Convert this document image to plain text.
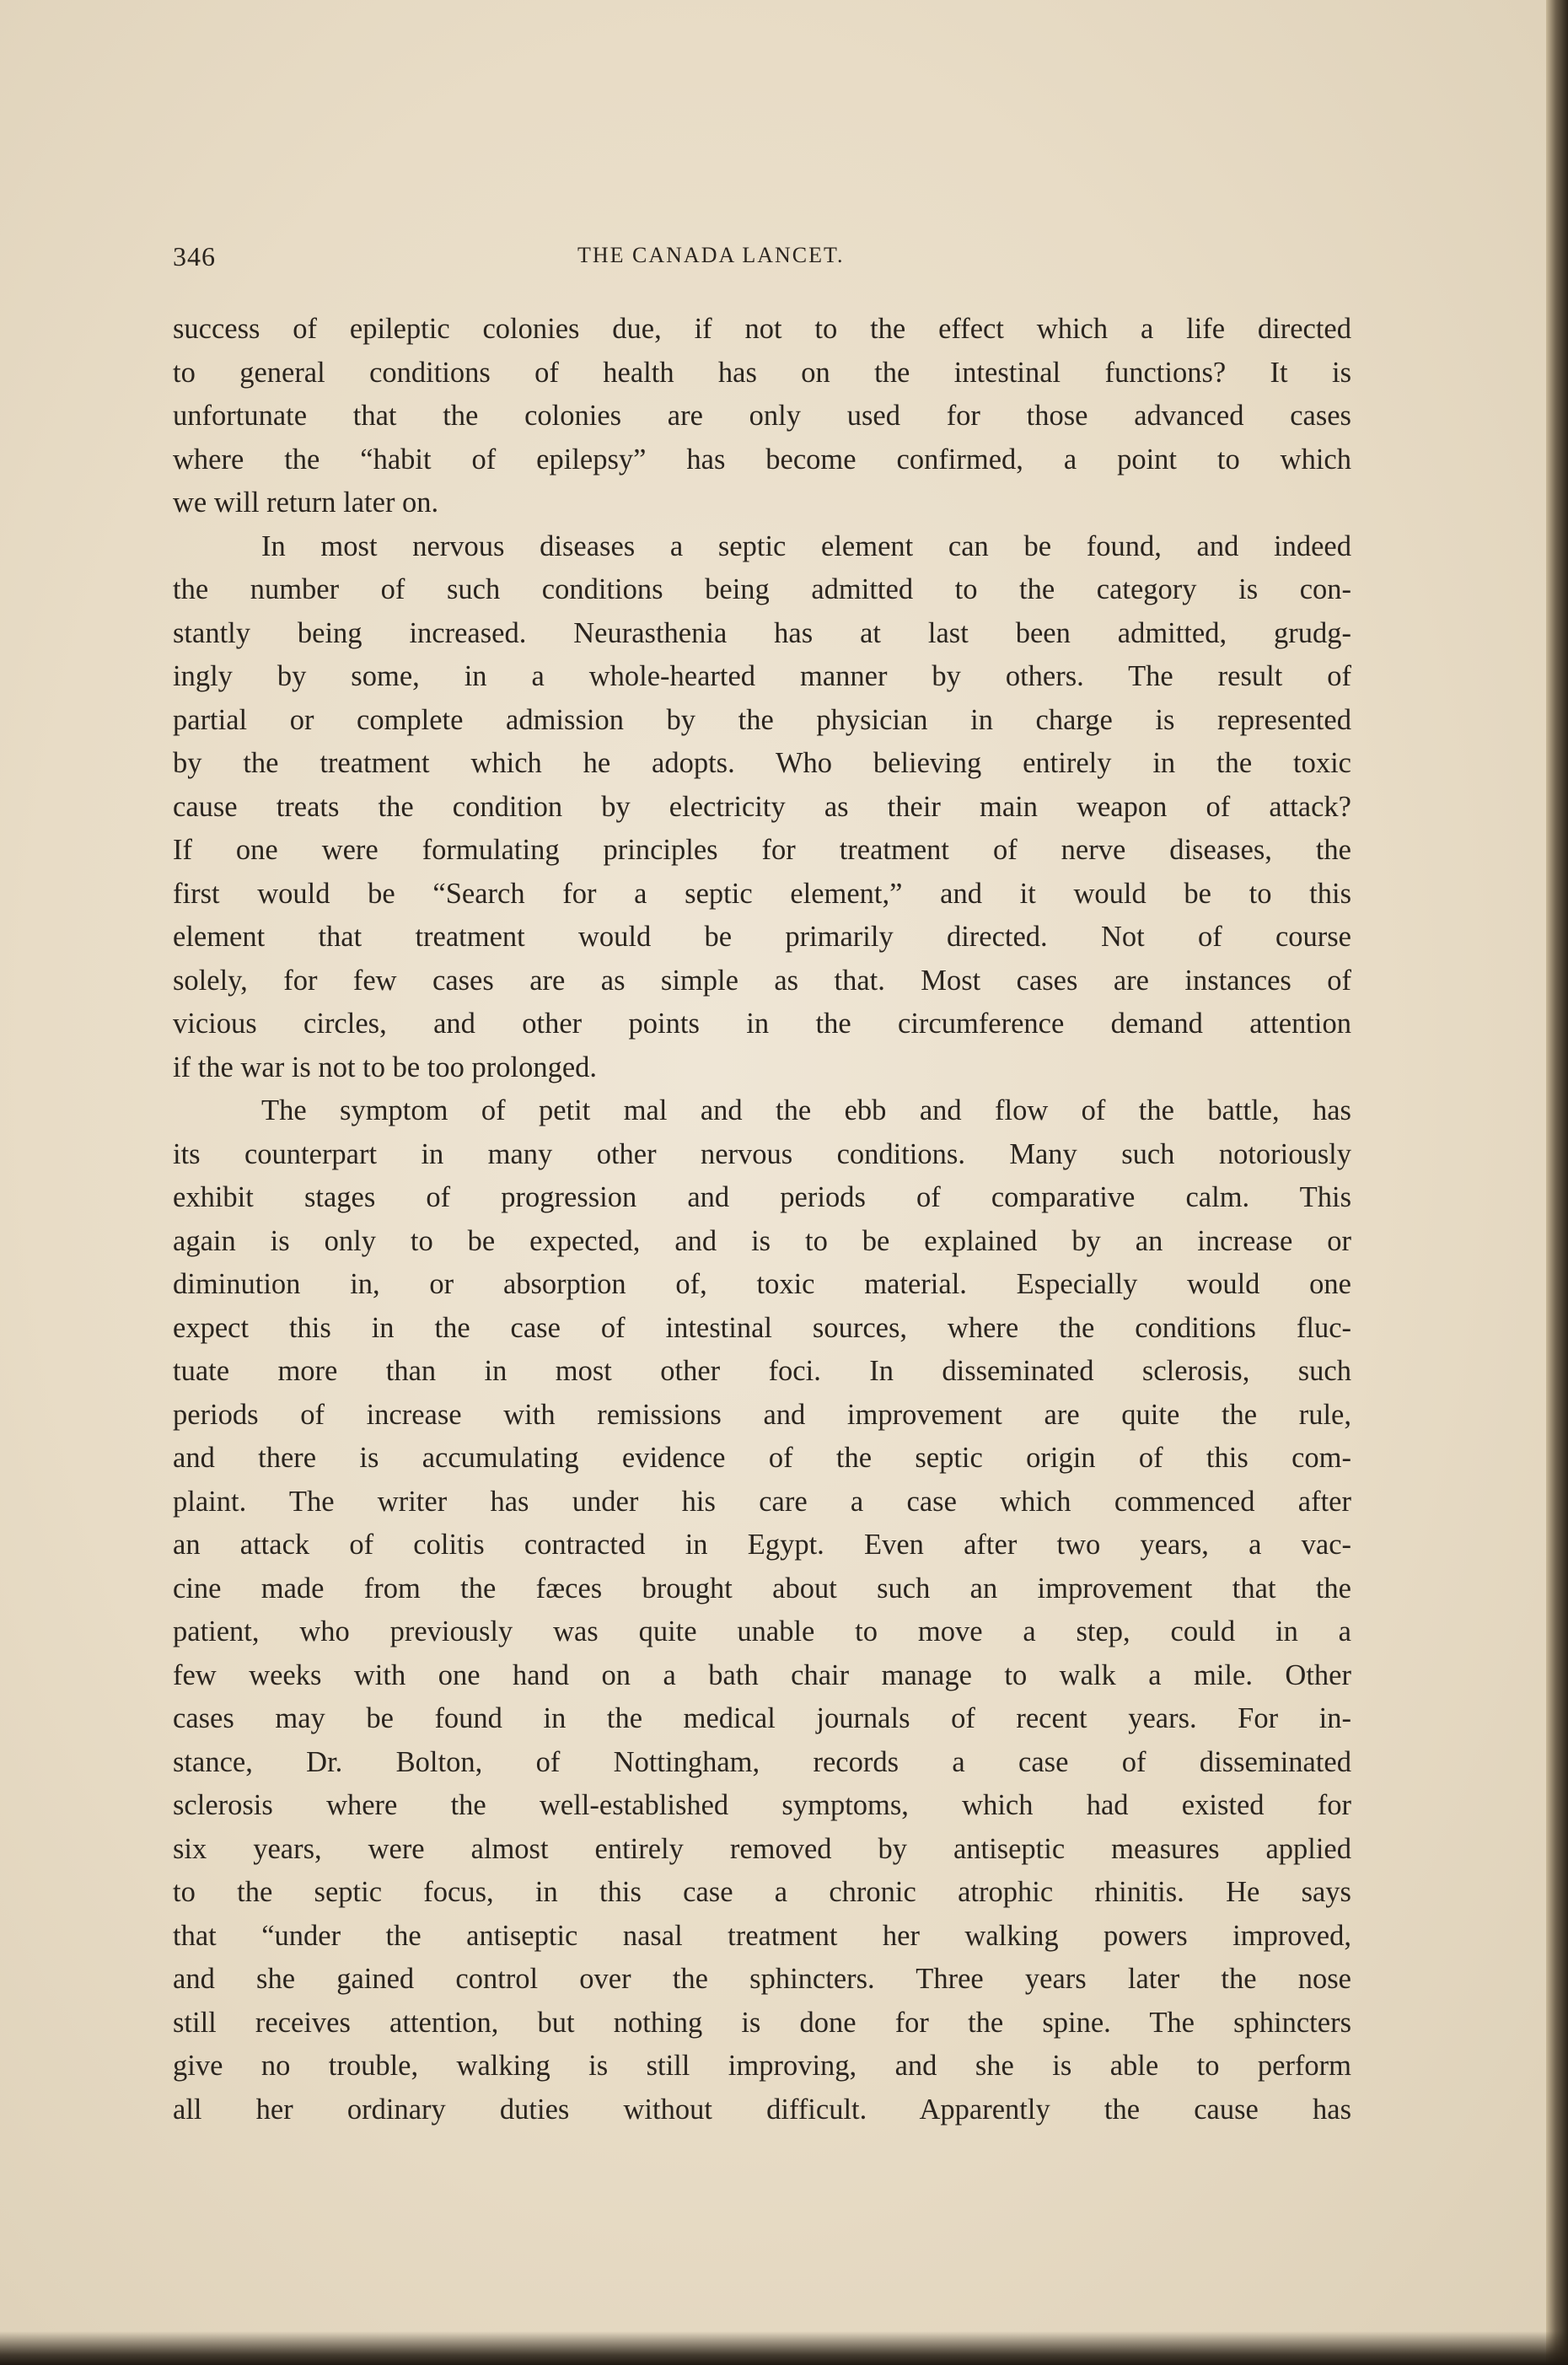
346	THE CANADA LANCET.
success of epileptic colonies due, if not to the effect which a life directed
to general conditions of health has on the intestinal functions? It is
unfortunate that the colonies are only used for those advanced cases
where the “habit of epilepsy” has become confirmed, a point to which
we will return later on.
In most nervous diseases a septic element can be found, and indeed
the number of such conditions being admitted to the category is con-
stantly being increased. Neurasthenia has at last been admitted, grudg-
ingly by some, in a whole-hearted manner by others. The result of
partial or complete admission by the physician in charge is represented
by the treatment which he adopts. Who believing entirely in the toxic
cause treats the condition by electricity as their main weapon of attack?
If one were formulating principles for treatment of nerve diseases, the
first would be “Search for a septic element,” and it would be to this
element that treatment would be primarily directed. Not of course
solely, for few cases are as simple as that. Most cases are instances of
vicious circles, and other points in the circumference demand attention
if the war is not to be too prolonged.
The symptom of petit mal and the ebb and flow of the battle, has
its counterpart in many other nervous conditions. Many such notoriously
exhibit stages of progression and periods of comparative calm. This
again is only to be expected, and is to be explained by an increase or
diminution in, or absorption of, toxic material. Especially would one
expect this in the case of intestinal sources, where the conditions fluc-
tuate more than in most other foci. In disseminated sclerosis, such
periods of increase with remissions and improvement are quite the rule,
and there is accumulating evidence of the septic origin of this com-
plaint. The writer has under his care a case which commenced after
an attack of colitis contracted in Egypt. Even after two years, a vac-
cine made from the fæces brought about such an improvement that the
patient, who previously was quite unable to move a step, could in a
few weeks with one hand on a bath chair manage to walk a mile. Other
cases may be found in the medical journals of recent years. For in-
stance, Dr. Bolton, of Nottingham, records a case of disseminated
sclerosis where the well-established symptoms, which had existed for
six years, were almost entirely removed by antiseptic measures applied
to the septic focus, in this case a chronic atrophic rhinitis. He says
that “under the antiseptic nasal treatment her walking powers improved,
and she gained control over the sphincters. Three years later the nose
still receives attention, but nothing is done for the spine. The sphincters
give no trouble, walking is still improving, and she is able to perform
all her ordinary duties without difficult. Apparently the cause has
